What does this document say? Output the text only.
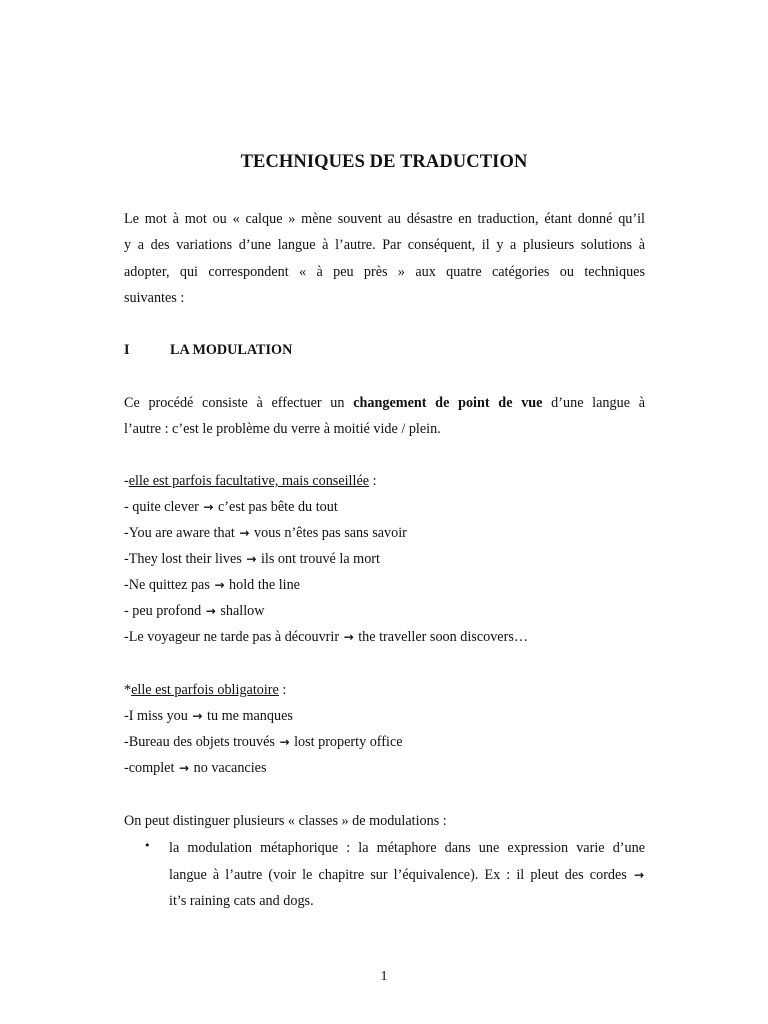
TECHNIQUES DE TRADUCTION
Le mot à mot ou « calque » mène souvent au désastre en traduction, étant donné qu’il
y a des variations d’une langue à l’autre. Par conséquent, il y a plusieurs solutions à
adopter, qui correspondent « à peu près » aux quatre catégories ou techniques
suivantes :
I	LA MODULATION
Ce procédé consiste à effectuer un changement de point de vue d’une langue à
l’autre : c’est le problème du verre à moitié vide / plein.
-elle est parfois facultative, mais conseillée :
- quite clever → c’est pas bête du tout
-You are aware that → vous n’êtes pas sans savoir
-They lost their lives → ils ont trouvé la mort
-Ne quittez pas → hold the line
- peu profond → shallow
-Le voyageur ne tarde pas à découvrir → the traveller soon discovers…
*elle est parfois obligatoire :
-I miss you → tu me manques
-Bureau des objets trouvés → lost property office
-complet → no vacancies
On peut distinguer plusieurs « classes » de modulations :
• la modulation métaphorique : la métaphore dans une expression varie d’une
langue à l’autre (voir le chapitre sur l’équivalence). Ex : il pleut des cordes →
it’s raining cats and dogs.
1
